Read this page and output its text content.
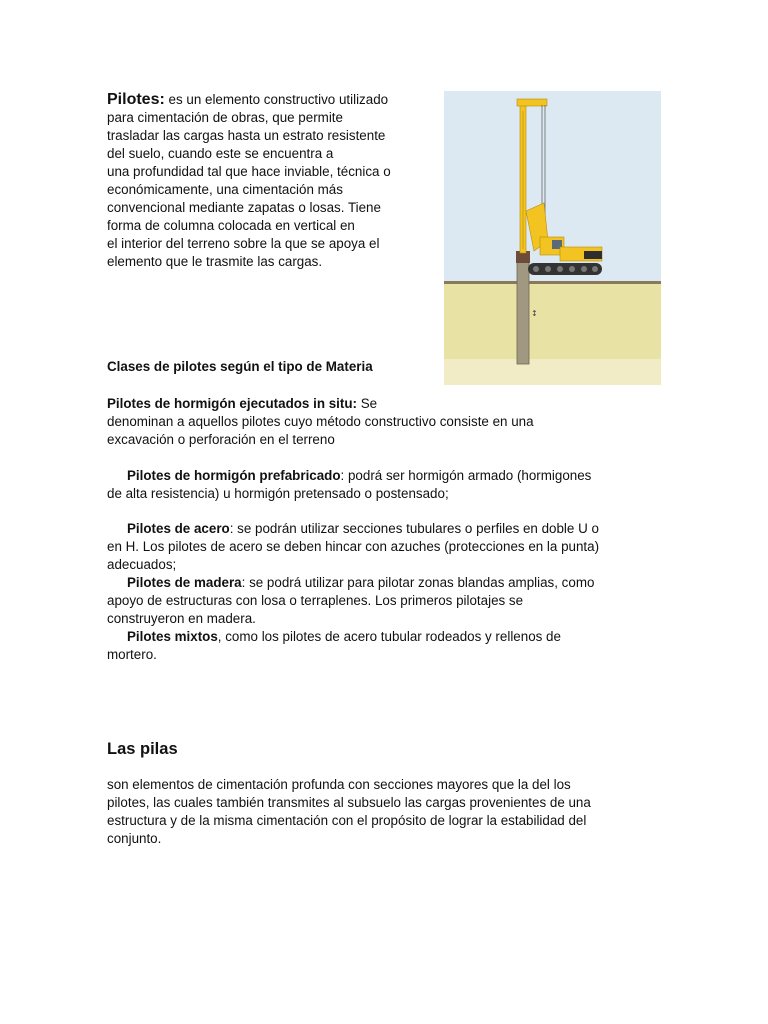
Pilotes: es un elemento constructivo utilizado
para cimentación de obras, que permite
trasladar las cargas hasta un estrato resistente
del suelo, cuando este se encuentra a
una profundidad tal que hace inviable, técnica o
económicamente, una cimentación más
convencional mediante zapatas o losas. Tiene
forma de columna colocada en vertical en
el interior del terreno sobre la que se apoya el
elemento que le trasmite las cargas.
↕
Clases de pilotes según el tipo de Materia
Pilotes de hormigón ejecutados in situ: Se
denominan a aquellos pilotes cuyo método constructivo consiste en una
excavación o perforación en el terreno
Pilotes de hormigón prefabricado: podrá ser hormigón armado (hormigones
de alta resistencia) u hormigón pretensado o postensado;
Pilotes de acero: se podrán utilizar secciones tubulares o perfiles en doble U o
en H. Los pilotes de acero se deben hincar con azuches (protecciones en la punta)
adecuados;
Pilotes de madera: se podrá utilizar para pilotar zonas blandas amplias, como
apoyo de estructuras con losa o terraplenes. Los primeros pilotajes se
construyeron en madera.
Pilotes mixtos, como los pilotes de acero tubular rodeados y rellenos de
mortero.
Las pilas
son elementos de cimentación profunda con secciones mayores que la del los
pilotes, las cuales también transmites al subsuelo las cargas provenientes de una
estructura y de la misma cimentación con el propósito de lograr la estabilidad del
conjunto.
